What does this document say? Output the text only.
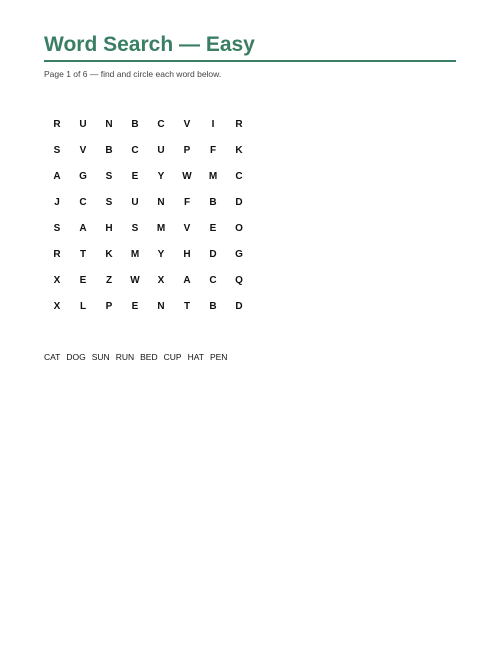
Word Search — Easy
Page 1 of 6 — find and circle each word below.
R	U	N	B	C	V	I	R
S	V	B	C	U	P	F	K
A	G	S	E	Y	W	M	C
J	C	S	U	N	F	B	D
S	A	H	S	M	V	E	O
R	T	K	M	Y	H	D	G
X	E	Z	W	X	A	C	Q
X	L	P	E	N	T	B	D
CAT DOG SUN RUN BED CUP HAT PEN
